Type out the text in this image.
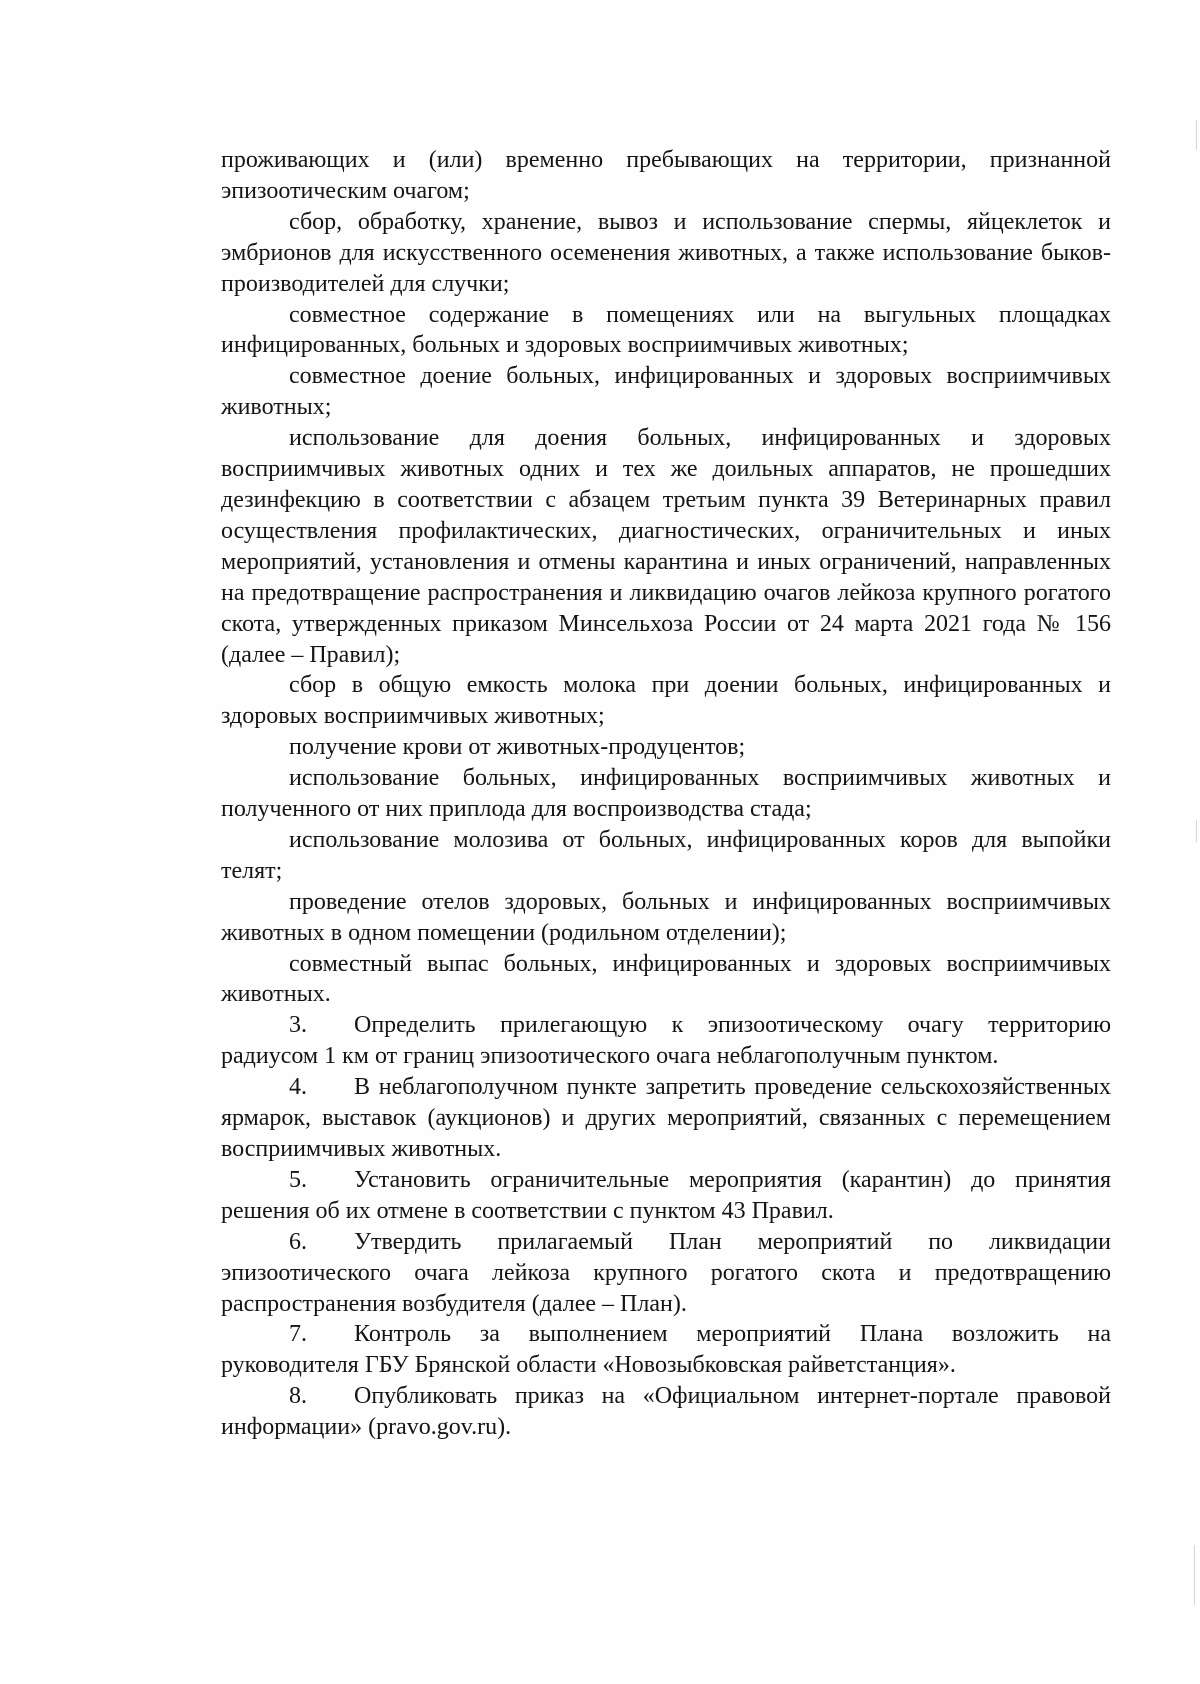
проживающих и (или) временно пребывающих на территории, признанной эпизоотическим очагом;

сбор, обработку, хранение, вывоз и использование спермы, яйцеклеток и эмбрионов для искусственного осеменения животных, а также использование быков-производителей для случки;

совместное содержание в помещениях или на выгульных площадках инфицированных, больных и здоровых восприимчивых животных;

совместное доение больных, инфицированных и здоровых восприимчивых животных;

использование для доения больных, инфицированных и здоровых восприимчивых животных одних и тех же доильных аппаратов, не прошедших дезинфекцию в соответствии с абзацем третьим пункта 39 Ветеринарных правил осуществления профилактических, диагностических, ограничительных и иных мероприятий, установления и отмены карантина и иных ограничений, направленных на предотвращение распространения и ликвидацию очагов лейкоза крупного рогатого скота, утвержденных приказом Минсельхоза России от 24 марта 2021 года № 156 (далее – Правил);

сбор в общую емкость молока при доении больных, инфицированных и здоровых восприимчивых животных;

получение крови от животных-продуцентов;

использование больных, инфицированных восприимчивых животных и полученного от них приплода для воспроизводства стада;

использование молозива от больных, инфицированных коров для выпойки телят;

проведение отелов здоровых, больных и инфицированных восприимчивых животных в одном помещении (родильном отделении);

совместный выпас больных, инфицированных и здоровых восприимчивых животных.

3. Определить прилегающую к эпизоотическому очагу территорию радиусом 1 км от границ эпизоотического очага неблагополучным пунктом.

4. В неблагополучном пункте запретить проведение сельскохозяйственных ярмарок, выставок (аукционов) и других мероприятий, связанных с перемещением восприимчивых животных.

5. Установить ограничительные мероприятия (карантин) до принятия решения об их отмене в соответствии с пунктом 43 Правил.

6. Утвердить прилагаемый План мероприятий по ликвидации эпизоотического очага лейкоза крупного рогатого скота и предотвращению распространения возбудителя (далее – План).

7. Контроль за выполнением мероприятий Плана возложить на руководителя ГБУ Брянской области «Новозыбковская райветстанция».

8. Опубликовать приказ на «Официальном интернет-портале правовой информации» (pravo.gov.ru).
